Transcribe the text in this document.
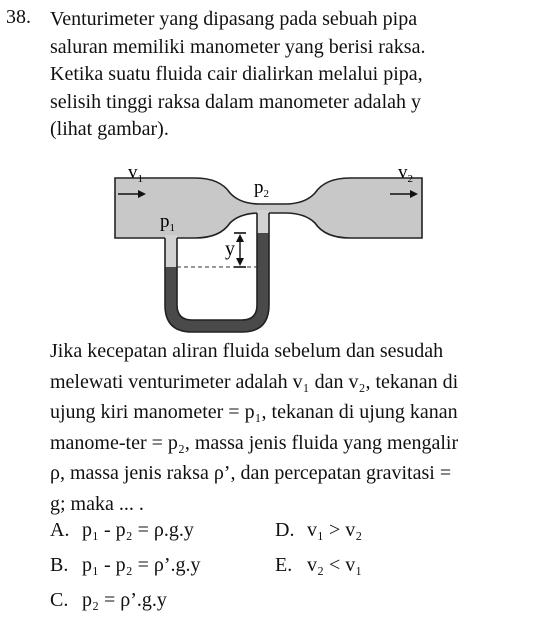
38. Venturimeter yang dipasang pada sebuah pipa
saluran memiliki manometer yang berisi raksa.
Ketika suatu fluida cair dialirkan melalui pipa,
selisih tinggi raksa dalam manometer adalah y
(lihat gambar).
y
$v_1$	$v_2$
$p_1$
$p_2$
Jika kecepatan aliran fluida sebelum dan sesudah
melewati venturimeter adalah v₁ dan v₂, tekanan di
ujung kiri manometer = p₁, tekanan di ujung kanan
manome-ter = p₂, massa jenis fluida yang mengalir
ρ, massa jenis raksa ρ’, dan percepatan gravitasi =
g; maka ... .
A. p₁ - p₂ = ρ.g.y
B. p₁ - p₂ = ρ’.g.y
C. p₂ = ρ’.g.y
D. v₁ > v₂
E. v₂ < v₁
